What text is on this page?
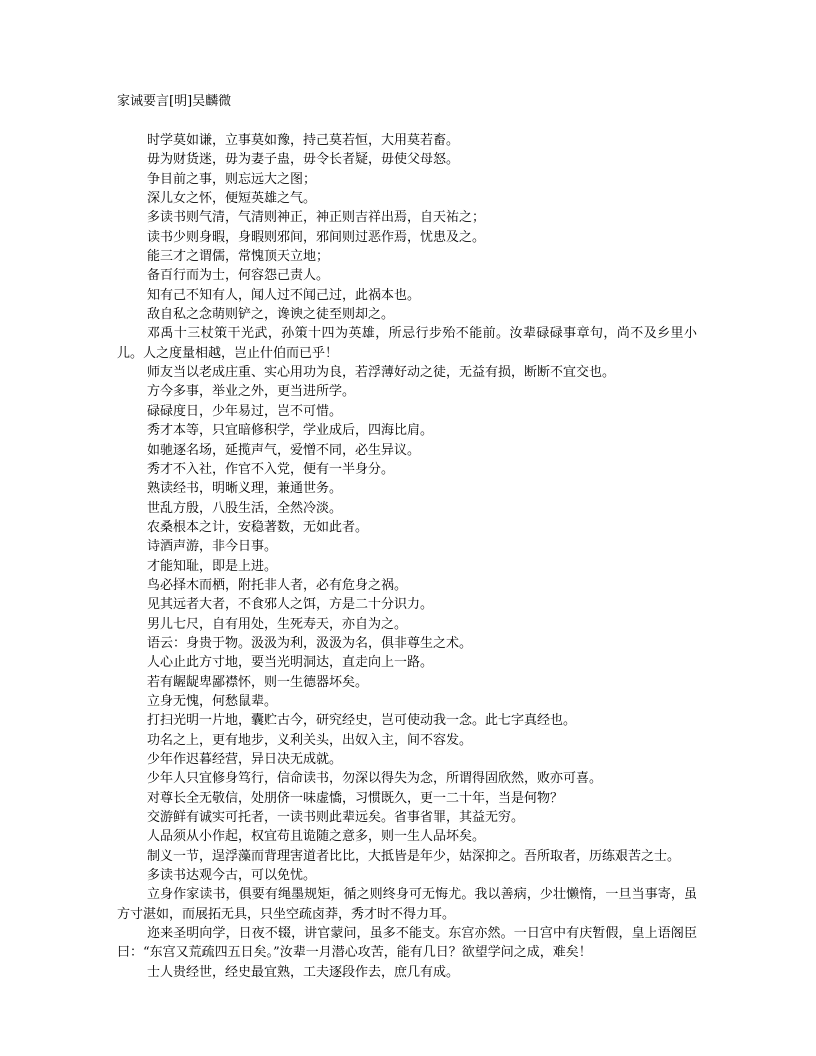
家诫要言[明]吴麟微

时学莫如谦，立事莫如豫，持己莫若恒，大用莫若畜。

毋为财货迷，毋为妻子蛊，毋令长者疑，毋使父母怒。

争目前之事，则忘远大之图；

深儿女之怀，便短英雄之气。

多读书则气清，气清则神正，神正则吉祥出焉，自天祐之；

读书少则身暇，身暇则邪间，邪间则过恶作焉，忧患及之。

能三才之谓儒，常愧顶天立地；

备百行而为士，何容怨己责人。

知有己不知有人，闻人过不闻己过，此祸本也。

敌自私之念萌则铲之，谗谀之徒至则却之。

邓禹十三杖策干光武，孙策十四为英雄，所忌行步殆不能前。汝辈碌碌事章句，尚不及乡里小儿。人之度量相越，岂止什伯而已乎！

师友当以老成庄重、实心用功为良，若浮薄好动之徒，无益有损，断断不宜交也。

方今多事，举业之外，更当进所学。

碌碌度日，少年易过，岂不可惜。

秀才本等，只宜暗修积学，学业成后，四海比肩。

如驰逐名场，延揽声气，爱憎不同，必生异议。

秀才不入社，作官不入党，便有一半身分。

熟读经书，明晰义理，兼通世务。

世乱方殷，八股生活，全然冷淡。

农桑根本之计，安稳著数，无如此者。

诗酒声游，非今日事。

才能知耻，即是上进。

鸟必择木而栖，附托非人者，必有危身之祸。

见其远者大者，不食邪人之饵，方是二十分识力。

男儿七尺，自有用处，生死寿天，亦自为之。

语云：身贵于物。汲汲为利，汲汲为名，俱非尊生之术。

人心止此方寸地，要当光明洞达，直走向上一路。

若有龌龊卑鄙襟怀，则一生德器坏矣。

立身无愧，何愁鼠辈。

打扫光明一片地，囊贮古今，研究经史，岂可使动我一念。此七字真经也。

功名之上，更有地步，义利关头，出奴入主，间不容发。

少年作迟暮经营，异日决无成就。

少年人只宜修身笃行，信命读书，勿深以得失为念，所谓得固欣然，败亦可喜。

对尊长全无敬信，处朋侪一味虚憍，习惯既久，更一二十年，当是何物？

交游鲜有诚实可托者，一读书则此辈远矣。省事省罪，其益无穷。

人品须从小作起，权宜苟且诡随之意多，则一生人品坏矣。

制义一节，逞浮藻而背理害道者比比，大抵皆是年少，姑深抑之。吾所取者，历练艰苦之士。

多读书达观今古，可以免忧。

立身作家读书，俱要有绳墨规矩，循之则终身可无悔尤。我以善病，少壮懒惰，一旦当事寄，虽方寸湛如，而展拓无具，只坐空疏卤莽，秀才时不得力耳。

迩来圣明向学，日夜不辍，讲官蒙问，虽多不能支。东宫亦然。一日宫中有庆暂假，皇上语阁臣曰：“东宫又荒疏四五日矣。”汝辈一月潜心攻苦，能有几日？欲望学问之成，难矣！

士人贵经世，经史最宜熟，工夫逐段作去，庶几有成。
